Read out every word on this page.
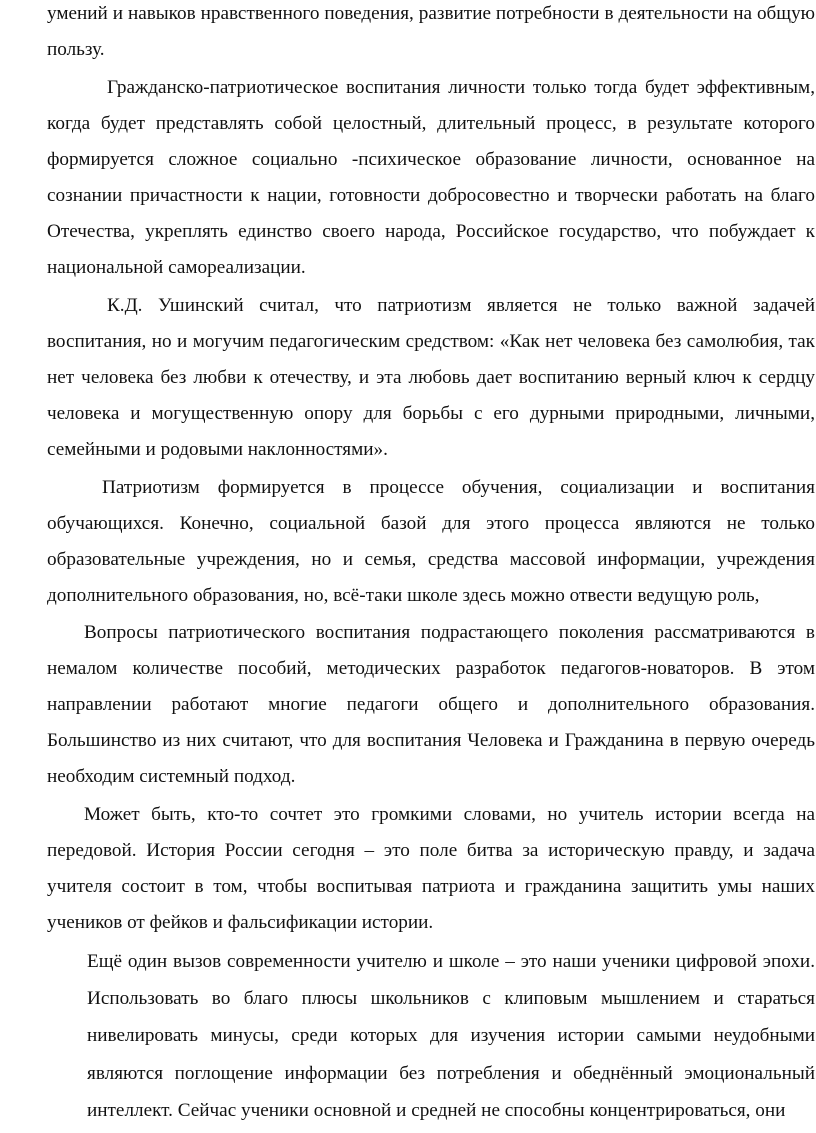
умений и навыков нравственного поведения, развитие потребности в деятельности на общую пользу.

Гражданско-патриотическое воспитания личности только тогда будет эффективным, когда будет представлять собой целостный, длительный процесс, в результате которого формируется сложное социально -психическое образование личности, основанное на сознании причастности к нации, готовности добросовестно и творчески работать на благо Отечества, укреплять единство своего народа, Российское государство, что побуждает к национальной самореализации.

К.Д. Ушинский считал, что патриотизм является не только важной задачей воспитания, но и могучим педагогическим средством: «Как нет человека без самолюбия, так нет человека без любви к отечеству, и эта любовь дает воспитанию верный ключ к сердцу человека и могущественную опору для борьбы с его дурными природными, личными, семейными и родовыми наклонностями».

Патриотизм формируется в процессе обучения, социализации и воспитания обучающихся. Конечно, социальной базой для этого процесса являются не только образовательные учреждения, но и семья, средства массовой информации, учреждения дополнительного образования, но, всё-таки школе здесь можно отвести ведущую роль,

Вопросы патриотического воспитания подрастающего поколения рассматриваются в немалом количестве пособий, методических разработок педагогов-новаторов. В этом направлении работают многие педагоги общего и дополнительного образования. Большинство из них считают, что для воспитания Человека и Гражданина в первую очередь необходим системный подход.

Может быть, кто-то сочтет это громкими словами, но учитель истории всегда на передовой. История России сегодня – это поле битва за историческую правду, и задача учителя состоит в том, чтобы воспитывая патриота и гражданина защитить умы наших учеников от фейков и фальсификации истории.

Ещё один вызов современности учителю и школе – это наши ученики цифровой эпохи. Использовать во благо плюсы школьников с клиповым мышлением и стараться нивелировать минусы, среди которых для изучения истории самыми неудобными являются поглощение информации без потребления и обеднённый эмоциональный интеллект. Сейчас ученики основной и средней не способны концентрироваться, они
